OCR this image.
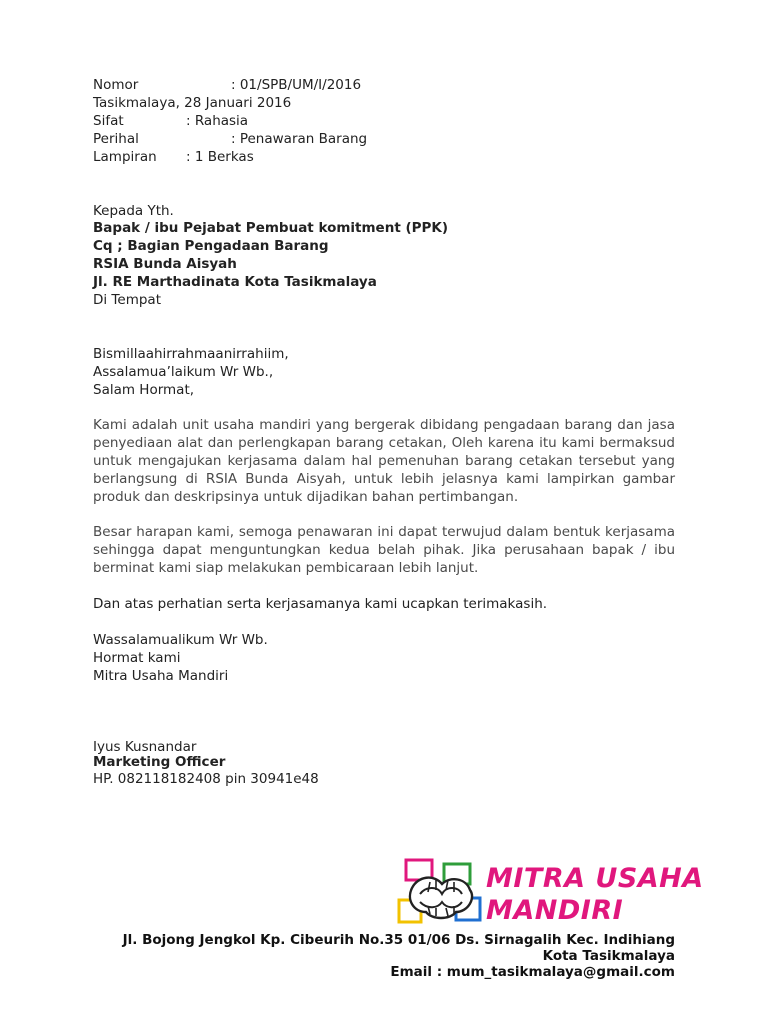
Nomor	: 01/SPB/UM/I/2016
Tasikmalaya, 28 Januari 2016
Sifat	: Rahasia
Perihal	: Penawaran Barang
Lampiran : 1 Berkas
Kepada Yth.
Bapak / ibu Pejabat Pembuat komitment (PPK)
Cq ; Bagian Pengadaan Barang
RSIA Bunda Aisyah
Jl. RE Marthadinata Kota Tasikmalaya
Di Tempat
Bismillaahirrahmaanirrahiim,
Assalamua’laikum Wr Wb.,
Salam Hormat,
Kami adalah unit usaha mandiri yang bergerak dibidang pengadaan barang dan jasa penyediaan alat dan perlengkapan barang cetakan, Oleh karena itu kami bermaksud untuk mengajukan kerjasama dalam hal pemenuhan barang cetakan tersebut yang berlangsung di RSIA Bunda Aisyah, untuk lebih jelasnya kami lampirkan gambar produk dan deskripsinya untuk dijadikan bahan pertimbangan.
Besar harapan kami, semoga penawaran ini dapat terwujud dalam bentuk kerjasama sehingga dapat menguntungkan kedua belah pihak. Jika perusahaan bapak / ibu berminat kami siap melakukan pembicaraan lebih lanjut.
Dan atas perhatian serta kerjasamanya kami ucapkan terimakasih.
Wassalamualikum Wr Wb.
Hormat kami
Mitra Usaha Mandiri
Iyus Kusnandar
Marketing Officer
HP. 082118182408 pin 30941e48
MITRA USAHA
MANDIRI
Jl. Bojong Jengkol Kp. Cibeurih No.35 01/06 Ds. Sirnagalih Kec. Indihiang
Kota Tasikmalaya
Email : mum_tasikmalaya@gmail.com
